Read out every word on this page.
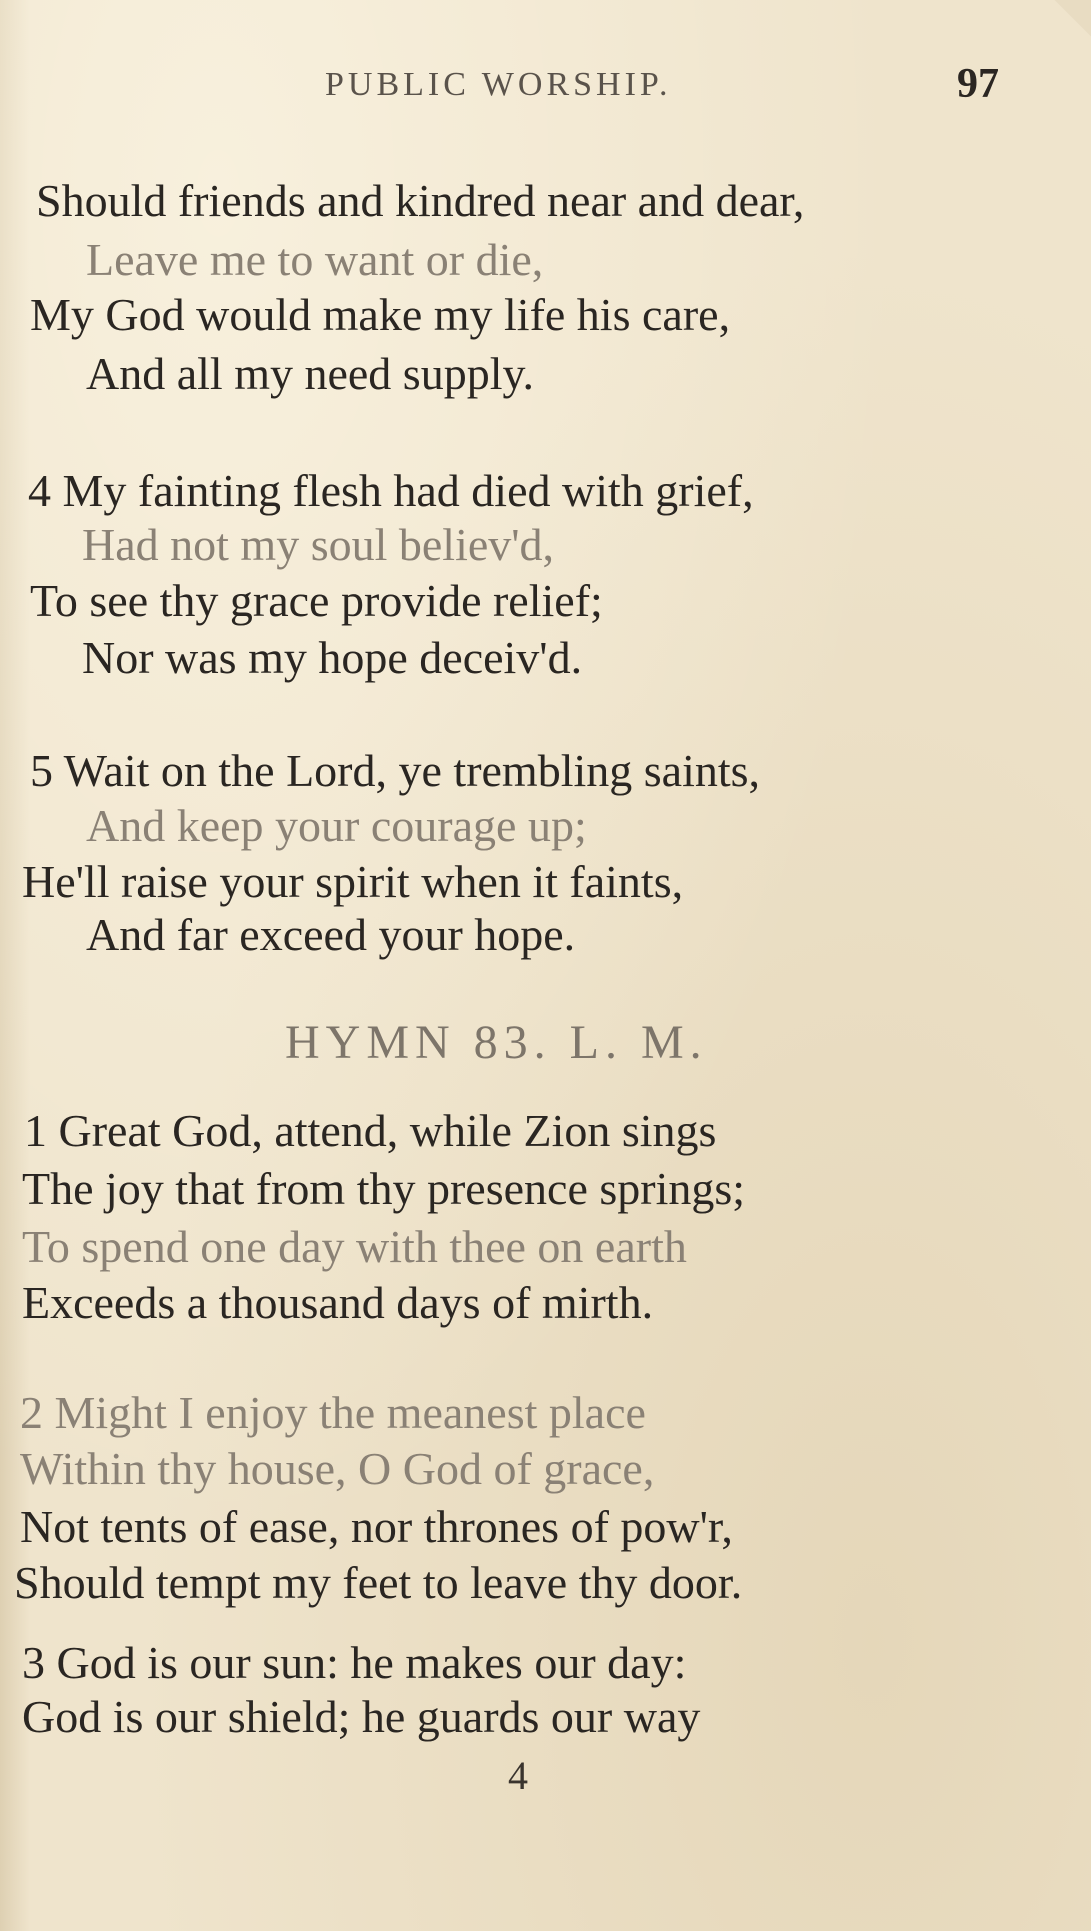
PUBLIC WORSHIP.	97
Should friends and kindred near and dear,
Leave me to want or die,
My God would make my life his care,
And all my need supply.
4 My fainting flesh had died with grief,
Had not my soul believ'd,
To see thy grace provide relief;
Nor was my hope deceiv'd.
5 Wait on the Lord, ye trembling saints,
And keep your courage up;
He'll raise your spirit when it faints,
And far exceed your hope.
HYMN 83. L. M.
1 Great God, attend, while Zion sings
The joy that from thy presence springs;
To spend one day with thee on earth
Exceeds a thousand days of mirth.
2 Might I enjoy the meanest place
Within thy house, O God of grace,
Not tents of ease, nor thrones of pow'r,
Should tempt my feet to leave thy door.
3 God is our sun: he makes our day:
God is our shield; he guards our way
4
